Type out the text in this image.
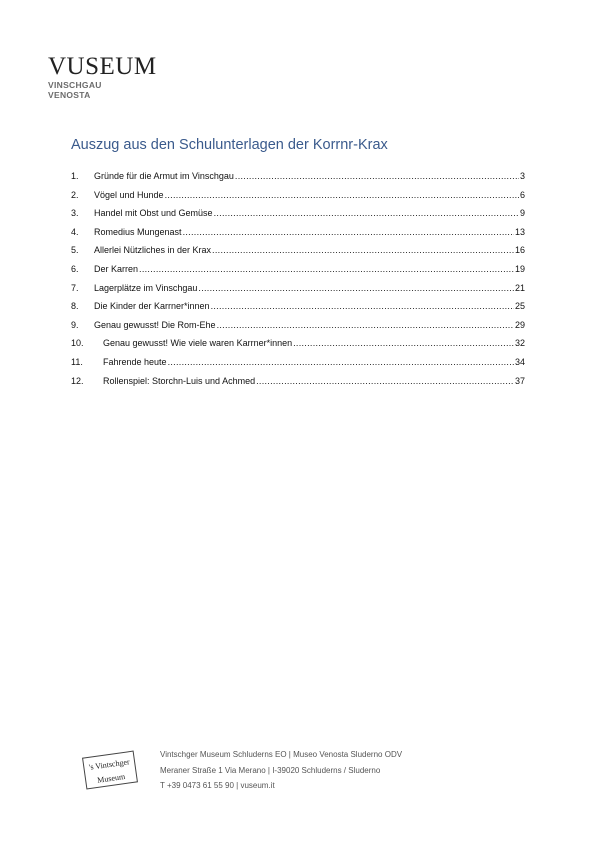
VUSEUM
VINSCHGAU
VENOSTA
Auszug aus den Schulunterlagen der Korrnr-Krax
1.	Gründe für die Armut im Vinschgau .....	3
2.	Vögel und Hunde .....	6
3.	Handel mit Obst und Gemüse .....	9
4.	Romedius Mungenast .....	13
5.	Allerlei Nützliches in der Krax .....	16
6.	Der Karren .....	19
7.	Lagerplätze im Vinschgau .....	21
8.	Die Kinder der Karrner*innen .....	25
9.	Genau gewusst! Die Rom-Ehe .....	29
10.	Genau gewusst! Wie viele waren Karrner*innen .....	32
11.	Fahrende heute .....	34
12.	Rollenspiel: Storchn-Luis und Achmed .....	37
's Vintschger
Museum
Vintschger Museum Schluderns EO | Museo Venosta Sluderno ODV
Meraner Straße 1 Via Merano | I-39020 Schluderns / Sluderno
T +39 0473 61 55 90 | vuseum.it
